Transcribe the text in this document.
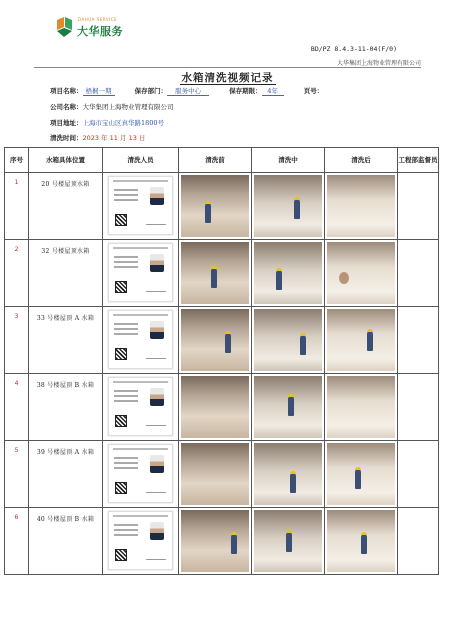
DAHUA SERVICE
大华服务
BD/PZ 8.4.3-11-04(F/0)
大华集团上海物业管理有限公司
水箱清洗视频记录
项目名称： 梧桐一期	保存部门： 服务中心	保存期限： 4年	页号：
公司名称：大华集团上海物业管理有限公司
项目地址：上海市宝山区真华路1800号
清洗时间：2023 年 11 月 13 日
序号	水箱具体位置	清洗人员	清洗前	清洗中	清洗后	工程部监督员
1	20 号楼屋顶水箱	

2	32 号楼屋顶水箱	

3	33 号楼屋顶 A 水箱	

4	38 号楼屋顶 B 水箱	

5	39 号楼屋顶 A 水箱	

6	40 号楼屋顶 B 水箱	
